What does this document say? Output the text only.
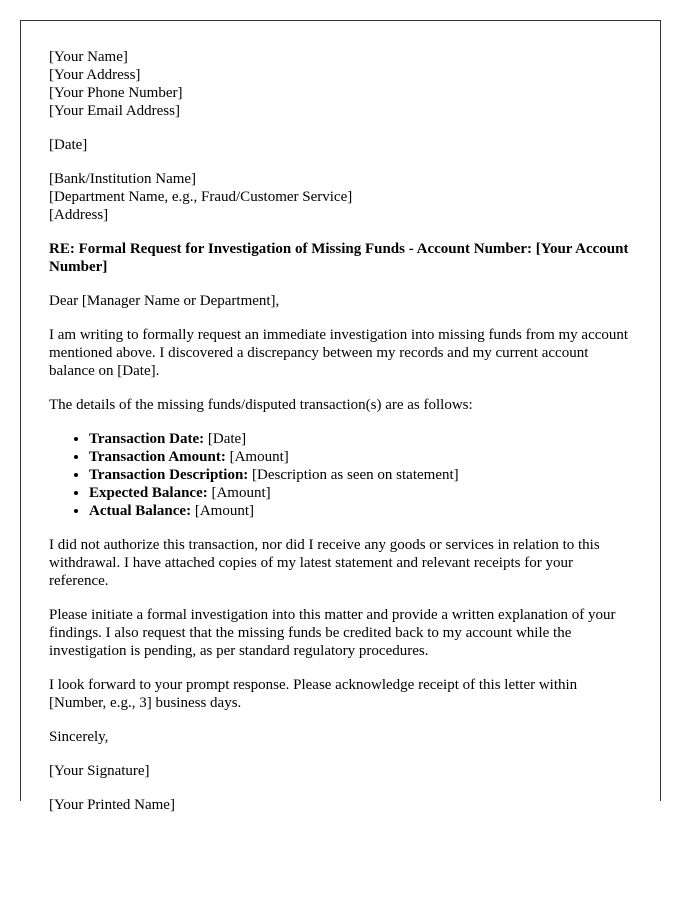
[Your Name]
[Your Address]
[Your Phone Number]
[Your Email Address]
[Date]
[Bank/Institution Name]
[Department Name, e.g., Fraud/Customer Service]
[Address]
RE: Formal Request for Investigation of Missing Funds - Account Number: [Your Account Number]

Dear [Manager Name or Department],

I am writing to formally request an immediate investigation into missing funds from my account mentioned above. I discovered a discrepancy between my records and my current account balance on [Date].

The details of the missing funds/disputed transaction(s) are as follows:

• Transaction Date: [Date]
• Transaction Amount: [Amount]
• Transaction Description: [Description as seen on statement]
• Expected Balance: [Amount]
• Actual Balance: [Amount]

I did not authorize this transaction, nor did I receive any goods or services in relation to this withdrawal. I have attached copies of my latest statement and relevant receipts for your reference.

Please initiate a formal investigation into this matter and provide a written explanation of your findings. I also request that the missing funds be credited back to my account while the investigation is pending, as per standard regulatory procedures.

I look forward to your prompt response. Please acknowledge receipt of this letter within [Number, e.g., 3] business days.

Sincerely,

[Your Signature]

[Your Printed Name]
